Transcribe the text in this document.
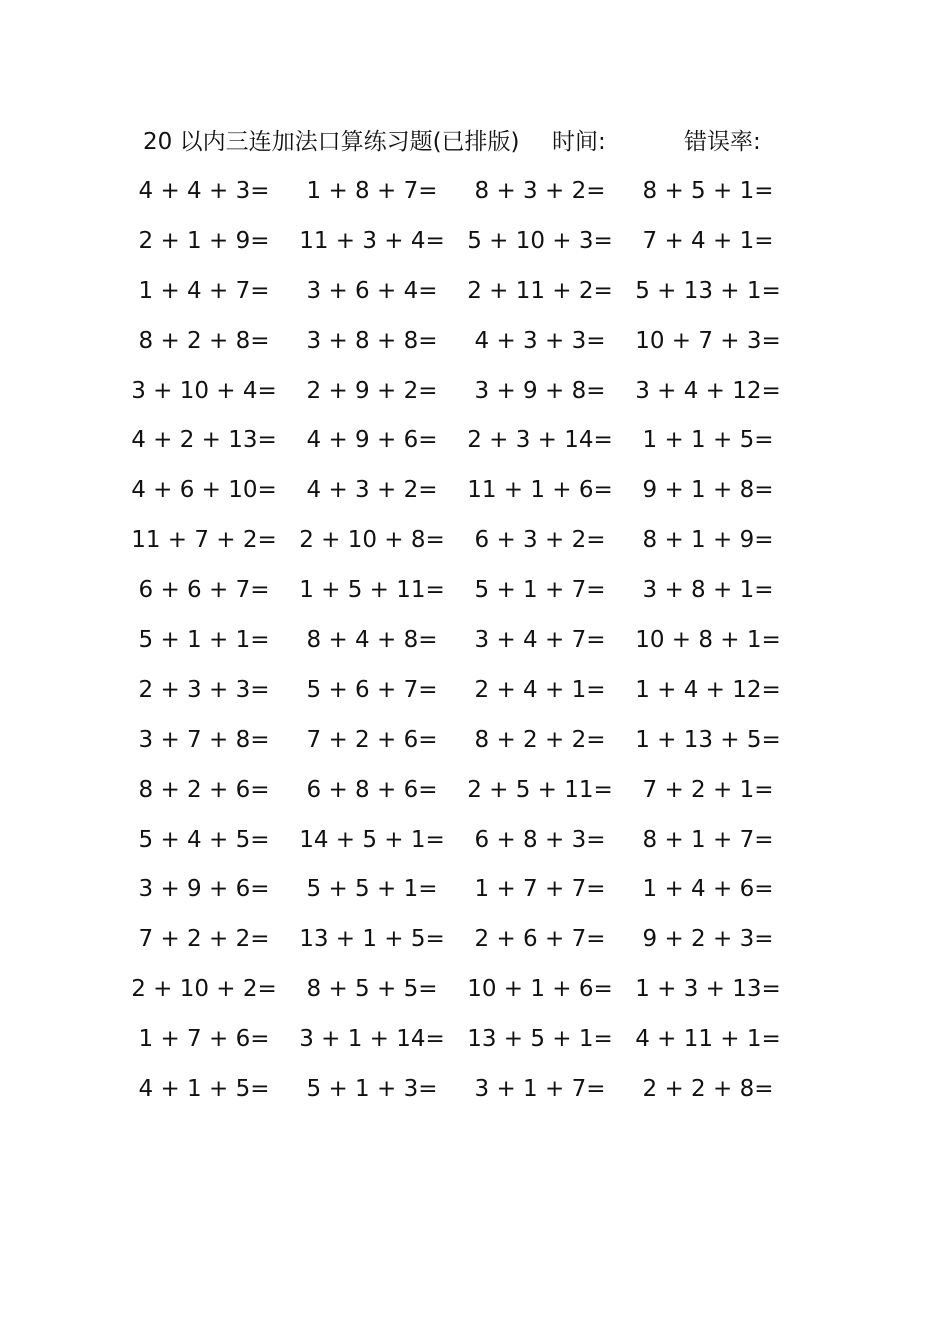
20 以内三连加法口算练习题(已排版) 时间:	错误率:
4 + 4 + 3=	1 + 8 + 7=	8 + 3 + 2=	8 + 5 + 1=
2 + 1 + 9=	11 + 3 + 4= 5 + 10 + 3=	7 + 4 + 1=
1 + 4 + 7=	3 + 6 + 4=	2 + 11 + 2= 5 + 13 + 1=
8 + 2 + 8=	3 + 8 + 8=	4 + 3 + 3=	10 + 7 + 3=
3 + 10 + 4=	2 + 9 + 2=	3 + 9 + 8=	3 + 4 + 12=
4 + 2 + 13=	4 + 9 + 6=	2 + 3 + 14=	1 + 1 + 5=
4 + 6 + 10=	4 + 3 + 2=	11 + 1 + 6=	9 + 1 + 8=
11 + 7 + 2= 2 + 10 + 8=	6 + 3 + 2=	8 + 1 + 9=
6 + 6 + 7=	1 + 5 + 11=	5 + 1 + 7=	3 + 8 + 1=
5 + 1 + 1=	8 + 4 + 8=	3 + 4 + 7=	10 + 8 + 1=
2 + 3 + 3=	5 + 6 + 7=	2 + 4 + 1=	1 + 4 + 12=
3 + 7 + 8=	7 + 2 + 6=	8 + 2 + 2=	1 + 13 + 5=
8 + 2 + 6=	6 + 8 + 6=	2 + 5 + 11=	7 + 2 + 1=
5 + 4 + 5=	14 + 5 + 1=	6 + 8 + 3=	8 + 1 + 7=
3 + 9 + 6=	5 + 5 + 1=	1 + 7 + 7=	1 + 4 + 6=
7 + 2 + 2=	13 + 1 + 5=	2 + 6 + 7=	9 + 2 + 3=
2 + 10 + 2=	8 + 5 + 5=	10 + 1 + 6= 1 + 3 + 13=
1 + 7 + 6=	3 + 1 + 14= 13 + 5 + 1= 4 + 11 + 1=
4 + 1 + 5=	5 + 1 + 3=	3 + 1 + 7=	2 + 2 + 8=
